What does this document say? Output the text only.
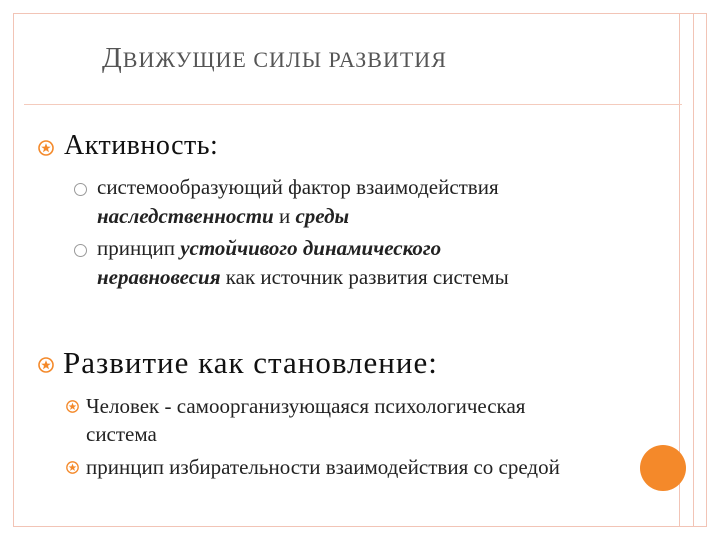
ДВИЖУЩИЕ СИЛЫ РАЗВИТИЯ
Активность:
системообразующий фактор взаимодействия
наследственности и среды
принцип устойчивого динамического
неравновесия как источник развития системы
Развитие как становление:
Человек - самоорганизующаяся психологическая
система
принцип избирательности взаимодействия со средой
